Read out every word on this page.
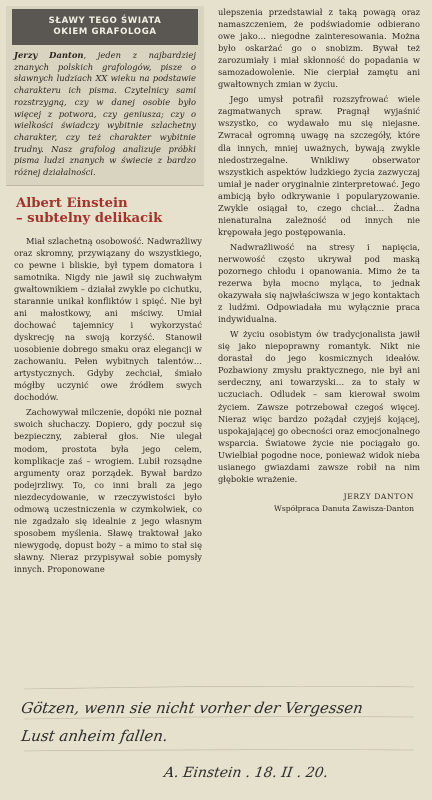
SŁAWY TEGO ŚWIATA
OKIEM GRAFOLOGA

Jerzy Danton, jeden z najbardziej znanych polskich grafologów, pisze o sławnych ludziach XX wieku na podstawie charakteru ich pisma. Czytelnicy sami rozstrzygną, czy w danej osobie było więcej z potwora, czy geniusza; czy o wielkości świadczy wybitnie szlachetny charakter, czy też charakter wybitnie trudny. Nasz grafolog analizuje próbki pisma ludzi znanych w świecie z bardzo różnej działalności.

Albert Einstein
– subtelny delikacik

Miał szlachetną osobowość. Nadwrażliwy oraz skromny, przywiązany do wszystkiego, co pewne i bliskie, był typem domatora i samotnika. Nigdy nie jawił się zuchwałym gwałtownikiem – działał zwykle po cichutku, starannie unikał konfliktów i spięć. Nie był ani małostkowy, ani mściwy. Umiał dochować tajemnicy i wykorzystać dyskrecję na swoją korzyść. Stanowił uosobienie dobrego smaku oraz elegancji w zachowaniu. Pełen wybitnych talentów… artystycznych. Gdyby zechciał, śmiało mógłby uczynić owe źródłem swych dochodów.

Zachowywał milczenie, dopóki nie poznał swoich słuchaczy. Dopiero, gdy poczuł się bezpieczny, zabierał głos. Nie ulegał modom, prostota była jego celem, komplikacje zaś – wrogiem. Lubił rozsądne argumenty oraz porządek. Bywał bardzo podejrzliwy. To, co inni brali za jego niezdecydowanie, w rzeczywistości było odmową uczestniczenia w czymkolwiek, co nie zgadzało się idealnie z jego własnym sposobem myślenia. Sławę traktował jako niewygodę, dopust boży – a mimo to stał się sławny. Nieraz przypisywał sobie pomysły innych. Proponowane

ulepszenia przedstawiał z taką powagą oraz namaszczeniem, że podświadomie odbierano owe jako… niegodne zainteresowania. Można było oskarżać go o snobizm. Bywał też zarozumiały i miał skłonność do popadania w samozadowolenie. Nie cierpiał zamętu ani gwałtownych zmian w życiu.

Jego umysł potrafił rozszyfrować wiele zagmatwanych spraw. Pragnął wyjaśnić wszystko, co wydawało mu się niejasne. Zwracał ogromną uwagę na szczegóły, które dla innych, mniej uważnych, bywają zwykle niedostrzegalne. Wnikliwy obserwator wszystkich aspektów ludzkiego życia zazwyczaj umiał je nader oryginalnie zinterpretować. Jego ambicją było odkrywanie i popularyzowanie. Zwykle osiągał to, czego chciał… Żadna nienaturalna zależność od innych nie krępowała jego postępowania.

Nadwrażliwość na stresy i napięcia, nerwowość często ukrywał pod maską pozornego chłodu i opanowania. Mimo że ta rezerwa była mocno myląca, to jednak okazywała się najwłaściwsza w jego kontaktach z ludźmi. Odpowiadała mu wyłącznie praca indywidualna.

W życiu osobistym ów tradycjonalista jawił się jako niepoprawny romantyk. Nikt nie dorastał do jego kosmicznych ideałów. Pozbawiony zmysłu praktycznego, nie był ani serdeczny, ani towarzyski… za to stały w uczuciach. Odludek – sam kierował swoim życiem. Zawsze potrzebował czegoś więcej. Nieraz więc bardzo pożądał czyjejś kojącej, uspokajającej go obecności oraz emocjonalnego wsparcia. Światowe życie nie pociągało go. Uwielbiał pogodne noce, ponieważ widok nieba usianego gwiazdami zawsze robił na nim głębokie wrażenie.

JERZY DANTON
Współpraca Danuta Zawisza-Danton
Götzen, wenn sie nicht vorher der Vergessen
Lust anheim fallen.
A. Einstein . 18. II . 20.
